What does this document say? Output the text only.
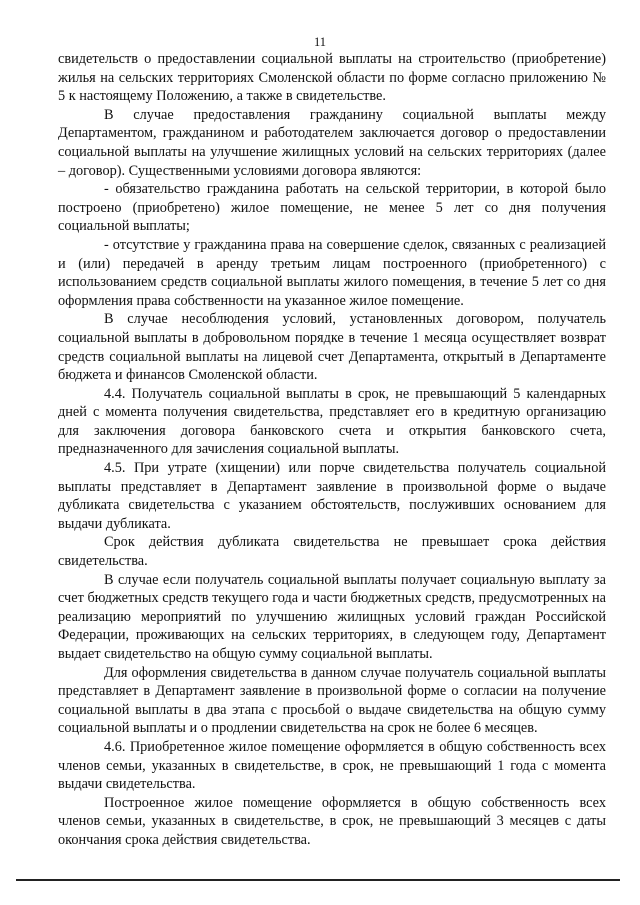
11

свидетельств о предоставлении социальной выплаты на строительство (приобретение) жилья на сельских территориях Смоленской области по форме согласно приложению № 5 к настоящему Положению, а также в свидетельстве.

В случае предоставления гражданину социальной выплаты между Департаментом, гражданином и работодателем заключается договор о предоставлении социальной выплаты на улучшение жилищных условий на сельских территориях (далее – договор). Существенными условиями договора являются:

- обязательство гражданина работать на сельской территории, в которой было построено (приобретено) жилое помещение, не менее 5 лет со дня получения социальной выплаты;

- отсутствие у гражданина права на совершение сделок, связанных с реализацией и (или) передачей в аренду третьим лицам построенного (приобретенного) с использованием средств социальной выплаты жилого помещения, в течение 5 лет со дня оформления права собственности на указанное жилое помещение.

В случае несоблюдения условий, установленных договором, получатель социальной выплаты в добровольном порядке в течение 1 месяца осуществляет возврат средств социальной выплаты на лицевой счет Департамента, открытый в Департаменте бюджета и финансов Смоленской области.

4.4. Получатель социальной выплаты в срок, не превышающий 5 календарных дней с момента получения свидетельства, представляет его в кредитную организацию для заключения договора банковского счета и открытия банковского счета, предназначенного для зачисления социальной выплаты.

4.5. При утрате (хищении) или порче свидетельства получатель социальной выплаты представляет в Департамент заявление в произвольной форме о выдаче дубликата свидетельства с указанием обстоятельств, послуживших основанием для выдачи дубликата.

Срок действия дубликата свидетельства не превышает срока действия свидетельства.

В случае если получатель социальной выплаты получает социальную выплату за счет бюджетных средств текущего года и части бюджетных средств, предусмотренных на реализацию мероприятий по улучшению жилищных условий граждан Российской Федерации, проживающих на сельских территориях, в следующем году, Департамент выдает свидетельство на общую сумму социальной выплаты.

Для оформления свидетельства в данном случае получатель социальной выплаты представляет в Департамент заявление в произвольной форме о согласии на получение социальной выплаты в два этапа с просьбой о выдаче свидетельства на общую сумму социальной выплаты и о продлении свидетельства на срок не более 6 месяцев.

4.6. Приобретенное жилое помещение оформляется в общую собственность всех членов семьи, указанных в свидетельстве, в срок, не превышающий 1 года с момента выдачи свидетельства.

Построенное жилое помещение оформляется в общую собственность всех членов семьи, указанных в свидетельстве, в срок, не превышающий 3 месяцев с даты окончания срока действия свидетельства.
